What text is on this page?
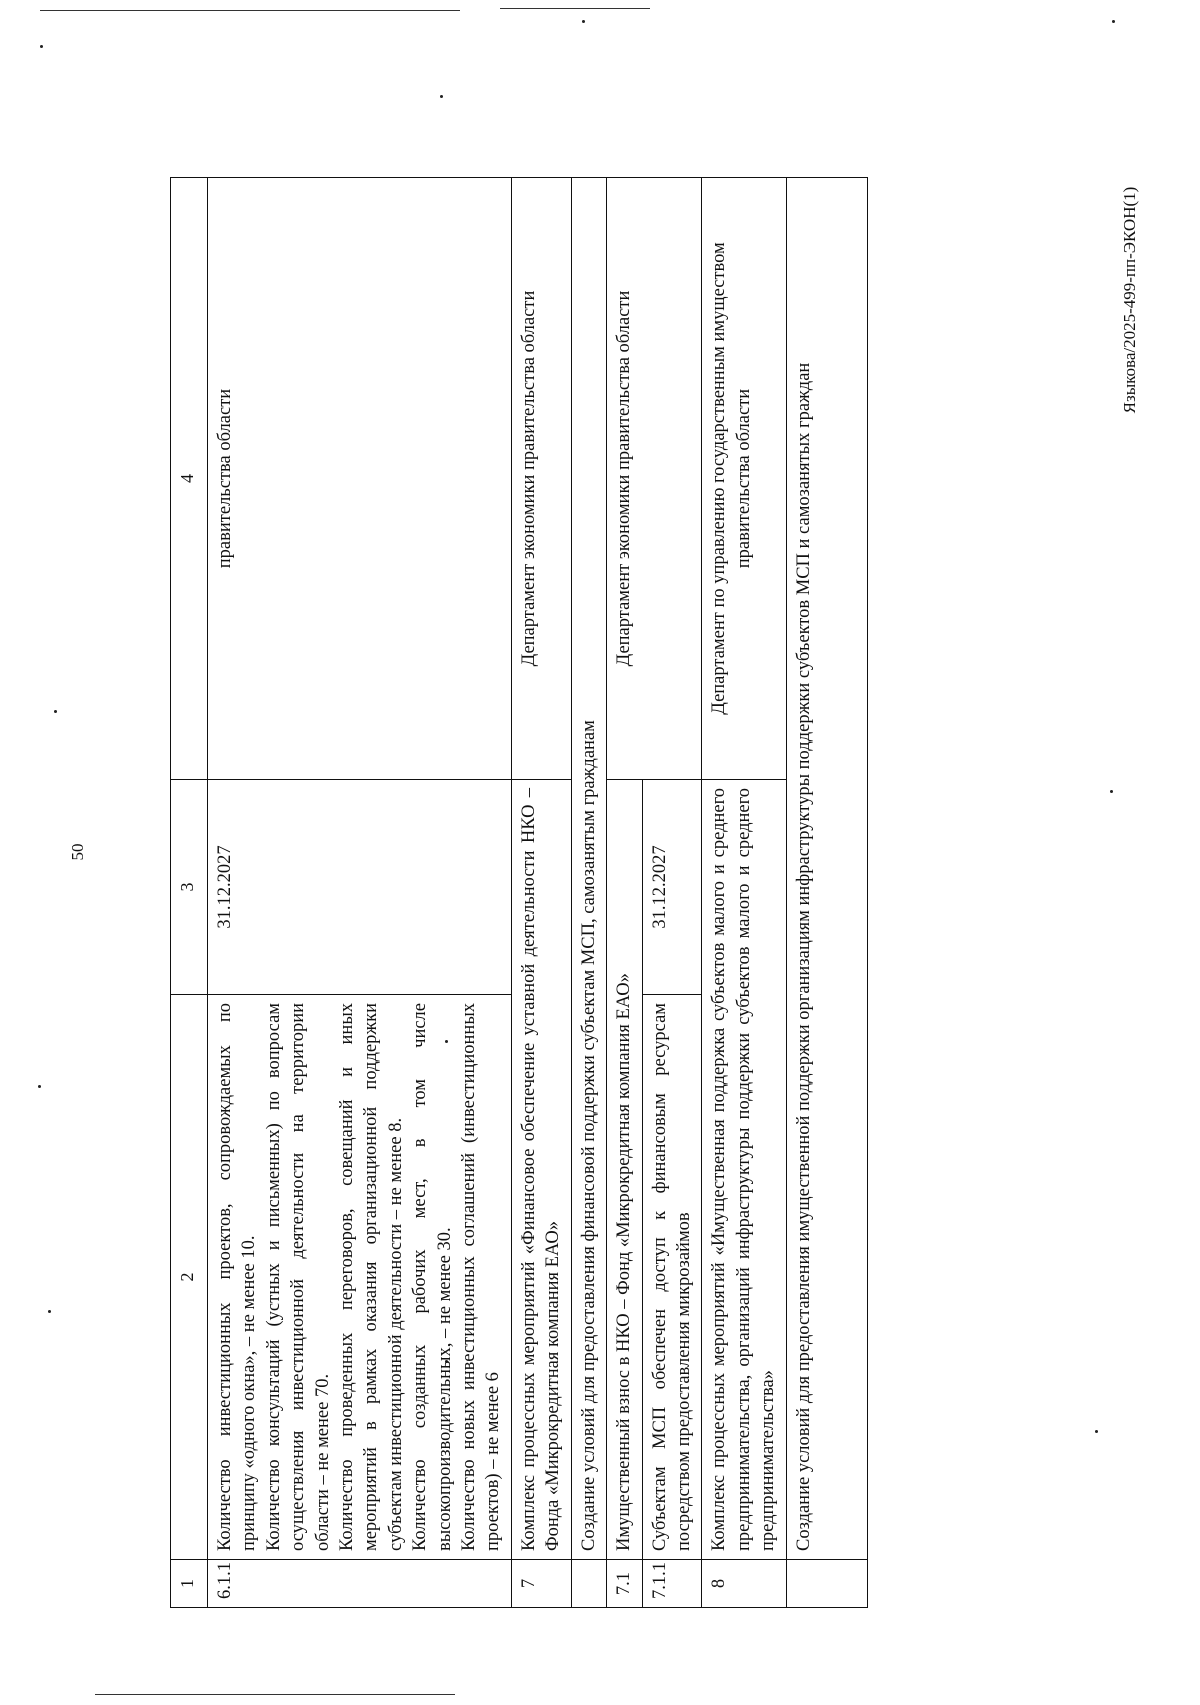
50
Языкова/2025-499-пп-ЭКОН(1)
1	2	3	4
6.1.1	Количество инвестиционных проектов, сопровождаемых по принципу «одного окна», – не менее 10. Количество консультаций (устных и письменных) по вопросам осуществления инвестиционной деятельности на территории области – не менее 70. Количество проведенных переговоров, совещаний и иных мероприятий в рамках оказания организационной поддержки субъектам инвестиционной деятельности – не менее 8. Количество созданных рабочих мест, в том числе высокопроизводительных, – не менее 30. Количество новых инвестиционных соглашений (инвестиционных проектов) – не менее 6	31.12.2027	правительства области
7	Комплекс процессных мероприятий «Финансовое обеспечение уставной деятельности НКО – Фонда «Микрокредитная компания ЕАО»		Департамент экономики правительства области
	Создание условий для предоставления финансовой поддержки субъектам МСП, самозанятым гражданам		
7.1	Имущественный взнос в НКО – Фонд «Микрокредитная компания ЕАО»		Департамент экономики правительства области
7.1.1	Субъектам МСП обеспечен доступ к финансовым ресурсам посредством предоставления микрозаймов	31.12.2027	
8	Комплекс процессных мероприятий «Имущественная поддержка субъектов малого и среднего предпринимательства, организаций инфраструктуры поддержки субъектов малого и среднего предпринимательства»		Департамент по управлению государственным имуществом правительства области
	Создание условий для предоставления имущественной поддержки организациям инфраструктуры поддержки субъектов МСП и самозанятых граждан		
